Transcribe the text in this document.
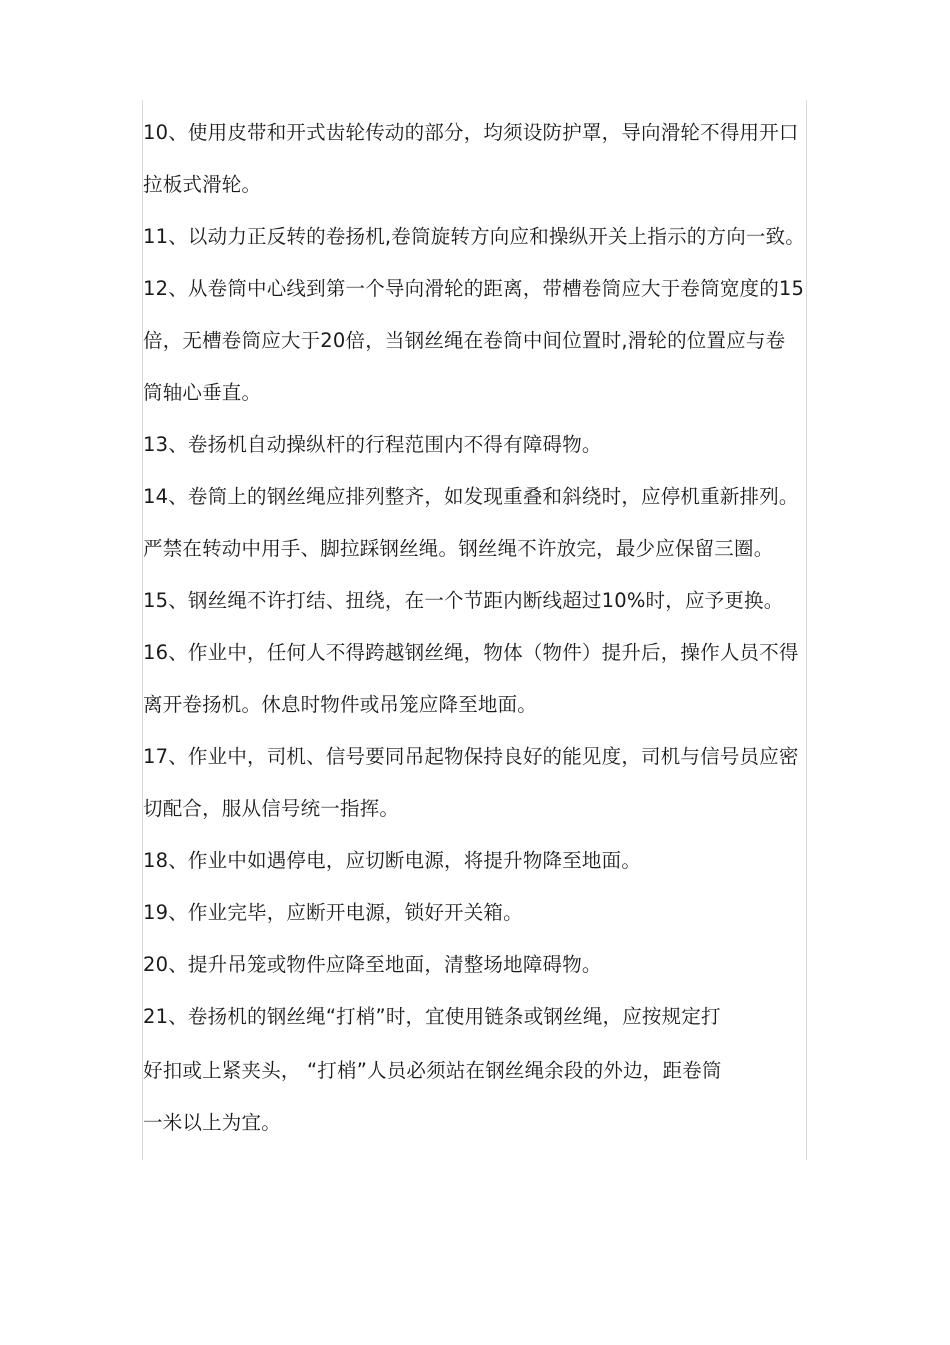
10、使用皮带和开式齿轮传动的部分，均须设防护罩，导向滑轮不得用开口
拉板式滑轮。
11、以动力正反转的卷扬机,卷筒旋转方向应和操纵开关上指示的方向一致。
12、从卷筒中心线到第一个导向滑轮的距离，带槽卷筒应大于卷筒宽度的15
倍，无槽卷筒应大于20倍，当钢丝绳在卷筒中间位置时,滑轮的位置应与卷
筒轴心垂直。
13、卷扬机自动操纵杆的行程范围内不得有障碍物。
14、卷筒上的钢丝绳应排列整齐，如发现重叠和斜绕时，应停机重新排列。
严禁在转动中用手、脚拉踩钢丝绳。钢丝绳不许放完，最少应保留三圈。
15、钢丝绳不许打结、扭绕，在一个节距内断线超过10%时，应予更换。
16、作业中，任何人不得跨越钢丝绳，物体（物件）提升后，操作人员不得
离开卷扬机。休息时物件或吊笼应降至地面。
17、作业中，司机、信号要同吊起物保持良好的能见度，司机与信号员应密
切配合，服从信号统一指挥。
18、作业中如遇停电，应切断电源，将提升物降至地面。
19、作业完毕，应断开电源，锁好开关箱。
20、提升吊笼或物件应降至地面，清整场地障碍物。
21、卷扬机的钢丝绳“打梢”时，宜使用链条或钢丝绳，应按规定打
好扣或上紧夹头， “打梢”人员必须站在钢丝绳余段的外边，距卷筒
一米以上为宜。
